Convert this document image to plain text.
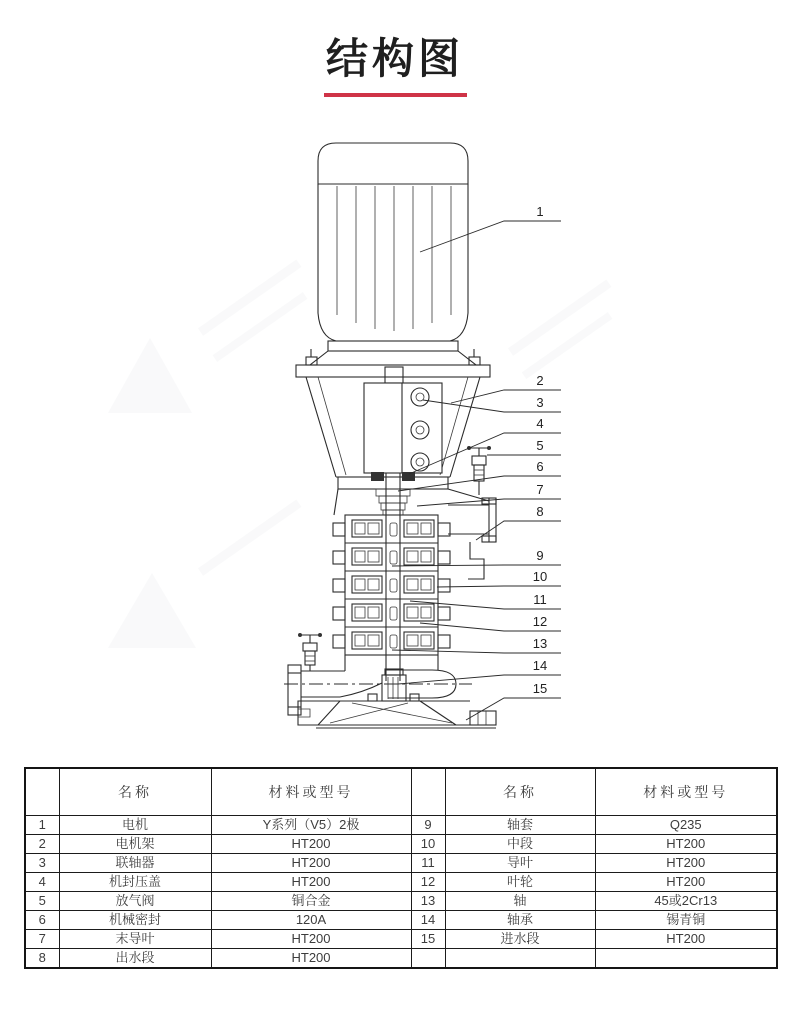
结构图
1
2
3
4
5
6
7
8
9
10
11
12
13
14
15
	名称	材料或型号		名称	材料或型号
1	电机	Y系列（V5）2极	9	轴套	Q235
2	电机架	HT200	10	中段	HT200
3	联轴器	HT200	11	导叶	HT200
4	机封压盖	HT200	12	叶轮	HT200
5	放气阀	铜合金	13	轴	45或2Cr13
6	机械密封	120A	14	轴承	锡青铜
7	末导叶	HT200	15	进水段	HT200
8	出水段	HT200			
